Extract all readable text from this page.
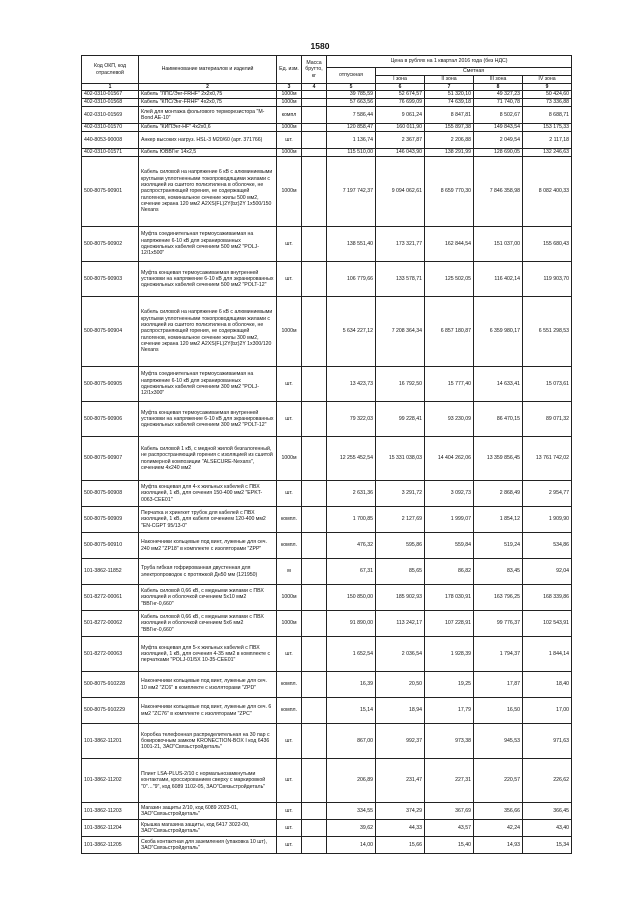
1580
Код ОКП, код отраслевой	Наименование материалов и изделий	Ед. изм.	Масса брутто, кг	Цена в рублях на 1 квартал 2016 года (без НДС)				
				отпускная	Сметная			
					I зона	II зона	III зона	IV зона
1	2	3	4	5	6	7	8	9
402-0310-01567	Кабель "ЛПС/Энг-FRHF" 2x2x0,75	1000м		39 785,59	52 674,57	51 320,10	49 327,23	50 424,60
402-0310-01568	Кабель "КПС/Энг-FRHF" 4x2x0,75	1000м		57 663,56	76 699,09	74 639,18	71 740,78	73 336,88
402-0310-01569	Клей для монтажа фольгового терморезистора "M-Bond AE-10"	компл		7 586,44	9 061,24	8 847,81	8 502,67	8 688,71
402-0310-01570	Кабель "КИПЭнг-HF" 4x2x0,6	1000м		120 858,47	160 011,90	155 897,38	149 843,54	153 175,33
440-8053-90008	Анкер высоких нагруз. HSL-3 M20/60 (арт. 371766)	шт.		1 136,74	2 367,87	2 206,88	2 049,54	2 117,18
402-0310-01571	Кабель ЮВВГнг 14х2,5	1000м		115 510,00	146 043,90	138 291,99	128 690,05	132 246,63
500-8075-90901	Кабель силовой на напряжение 6 кВ с алюминиевыми круглыми уплотненными токопроводящими жилами с изоляцией из сшитого полиэтилена в оболочке, не распространяющей горения, не содержащей галогенов, номинальное сечение жилы 500 мм2, сечение экрана 120 мм2 A2XS(FL)2Y(bz)2Y 1x500/150 Nexans	1000м		7 197 742,37	9 094 062,61	8 659 770,30	7 846 358,98	8 082 400,33
500-8075-90902	Муфта соединительная термоусаживаемая на напряжение 6-10 кВ для экранированных одножильных кабелей сечением 500 мм2 "POLJ-12/1x500"	шт.		138 551,40	173 321,77	162 844,54	151 037,00	155 680,43
500-8075-90903	Муфта концевая термоусаживаемая внутренней установки на напряжение 6-10 кВ для экранированных одножильных кабелей сечением 500 мм2 "POLT-12"	шт.		106 779,66	133 578,71	125 502,05	116 402,14	119 903,70
500-8075-90904	Кабель силовой на напряжение 6 кВ с алюминиевыми круглыми уплотненными токопроводящими жилами с изоляцией из сшитого полиэтилена в оболочке, не распространяющей горения, не содержащей галогенов, номинальное сечение жилы 300 мм2, сечение экрана 120 мм2 A2XS(FL)2Y(bz)2Y 1x300/120 Nexans	1000м		5 634 227,12	7 208 364,34	6 857 180,87	6 359 980,17	6 551 298,53
500-8075-90905	Муфта соединительная термоусаживаемая на напряжение 6-10 кВ для экранированных одножильных кабелей сечением 300 мм2 "POLJ-12/1x300"	шт.		13 423,73	16 792,50	15 777,40	14 633,41	15 073,61
500-8075-90906	Муфта концевая термоусаживаемая внутренней установки на напряжение 6-10 кВ для экранированных одножильных кабелей сечением 300 мм2 "POLT-12"	шт.		79 322,03	99 228,41	93 230,09	86 470,15	89 071,32
500-8075-90907	Кабель силовой 1 кВ, с медной жилой безгалогенный, не распространяющий горения с изоляцией из сшитой полимерной композиции "ALSECURE-Nexans", сечением 4x240 мм2	1000м		12 255 452,54	15 331 038,03	14 404 262,06	13 359 856,45	13 761 742,02
500-8075-90908	Муфта концевая для 4-х жильных кабелей с ПВХ изоляцией, 1 кВ, для сечения 150-400 мм2 "EPKT-0063-CEE01"	шт.		2 631,36	3 291,72	3 092,73	2 868,49	2 954,77
500-8075-90909	Перчатка и хрингкет трубок для кабелей с ПВХ изоляцией, 1 кВ, для кабеля сечением 120-400 мм2 "EN-CGPT 95/13-0"	компл.		1 700,85	2 127,69	1 999,07	1 854,12	1 909,90
500-8075-90910	Наконечники кольцевые под винт, луженые для сеч. 240 мм2 "ZP18" в комплекте с изоляторами "ZPP"	компл.		476,32	595,86	559,84	519,24	534,86
101-3862-11852	Труба гибкая гофрированная двустенная для электропроводок с протяжкой Дн50 мм (121950)	м		67,31	85,65	86,82	83,45	92,04
501-8272-00061	Кабель силовой 0,66 кВ, с медными жилами с ПВХ изоляцией и оболочкой сечением 5x10 мм2 "ВВГнг-0,660"	1000м		150 850,00	185 902,93	178 030,91	163 796,25	168 339,86
501-8272-00062	Кабель силовой 0,66 кВ, с медными жилами с ПВХ изоляцией и оболочкой сечением 5x6 мм2 "ВВГнг-0,660"	1000м		91 890,00	113 242,17	107 228,91	99 776,37	102 543,91
501-8272-00063	Муфта концевая для 5-х жильных кабелей с ПВХ изоляцией, 1 кВ, для сечения 4-35 мм2 в комплекте с перчатками "POLJ-01/5X 10-35-CEE01"	шт.		1 652,54	2 036,54	1 928,39	1 794,37	1 844,14
500-8075-910228	Наконечники кольцевые под винт, луженые для сеч. 10 мм2 "ZC6" в комплекте с изоляторами "ZPD"	компл.		16,39	20,50	19,25	17,87	18,40
500-8075-910229	Наконечники кольцевые под винт, луженые для сеч. 6 мм2 "ZC76" в комплекте с изоляторами "ZPC"	компл.		15,14	18,94	17,79	16,50	17,00
101-3862-11201	Коробка телефонная распределительная на 30 пар с бокировочным замком KRONECTION-BOX I код 6436 1001-21, ЗАО"Связьстройдеталь"	шт.		867,00	992,37	973,38	945,53	971,63
101-3862-11202	Плинт LSA-PLUS-2/10 с нормальнозамкнутыми контактами, кроссированием сверху с маркировкой "0"…"9", код 6089 1102-05, ЗАО"Связьстройдеталь"	шт.		206,89	231,47	227,31	220,57	226,62
101-3862-11203	Магазин защиты 2/10, код 6089 2023-01, ЗАО"Связьстройдеталь"	шт.		334,55	374,29	367,69	356,66	366,45
101-3862-11204	Крышка магазина защиты, код 6417 3022-00, ЗАО"Связьстройдеталь"	шт.		39,62	44,33	43,57	42,24	43,40
101-3862-11205	Скоба контактная для заземления (упаковка 10 шт), ЗАО"Связьстройдеталь"	шт.		14,00	15,66	15,40	14,93	15,34
